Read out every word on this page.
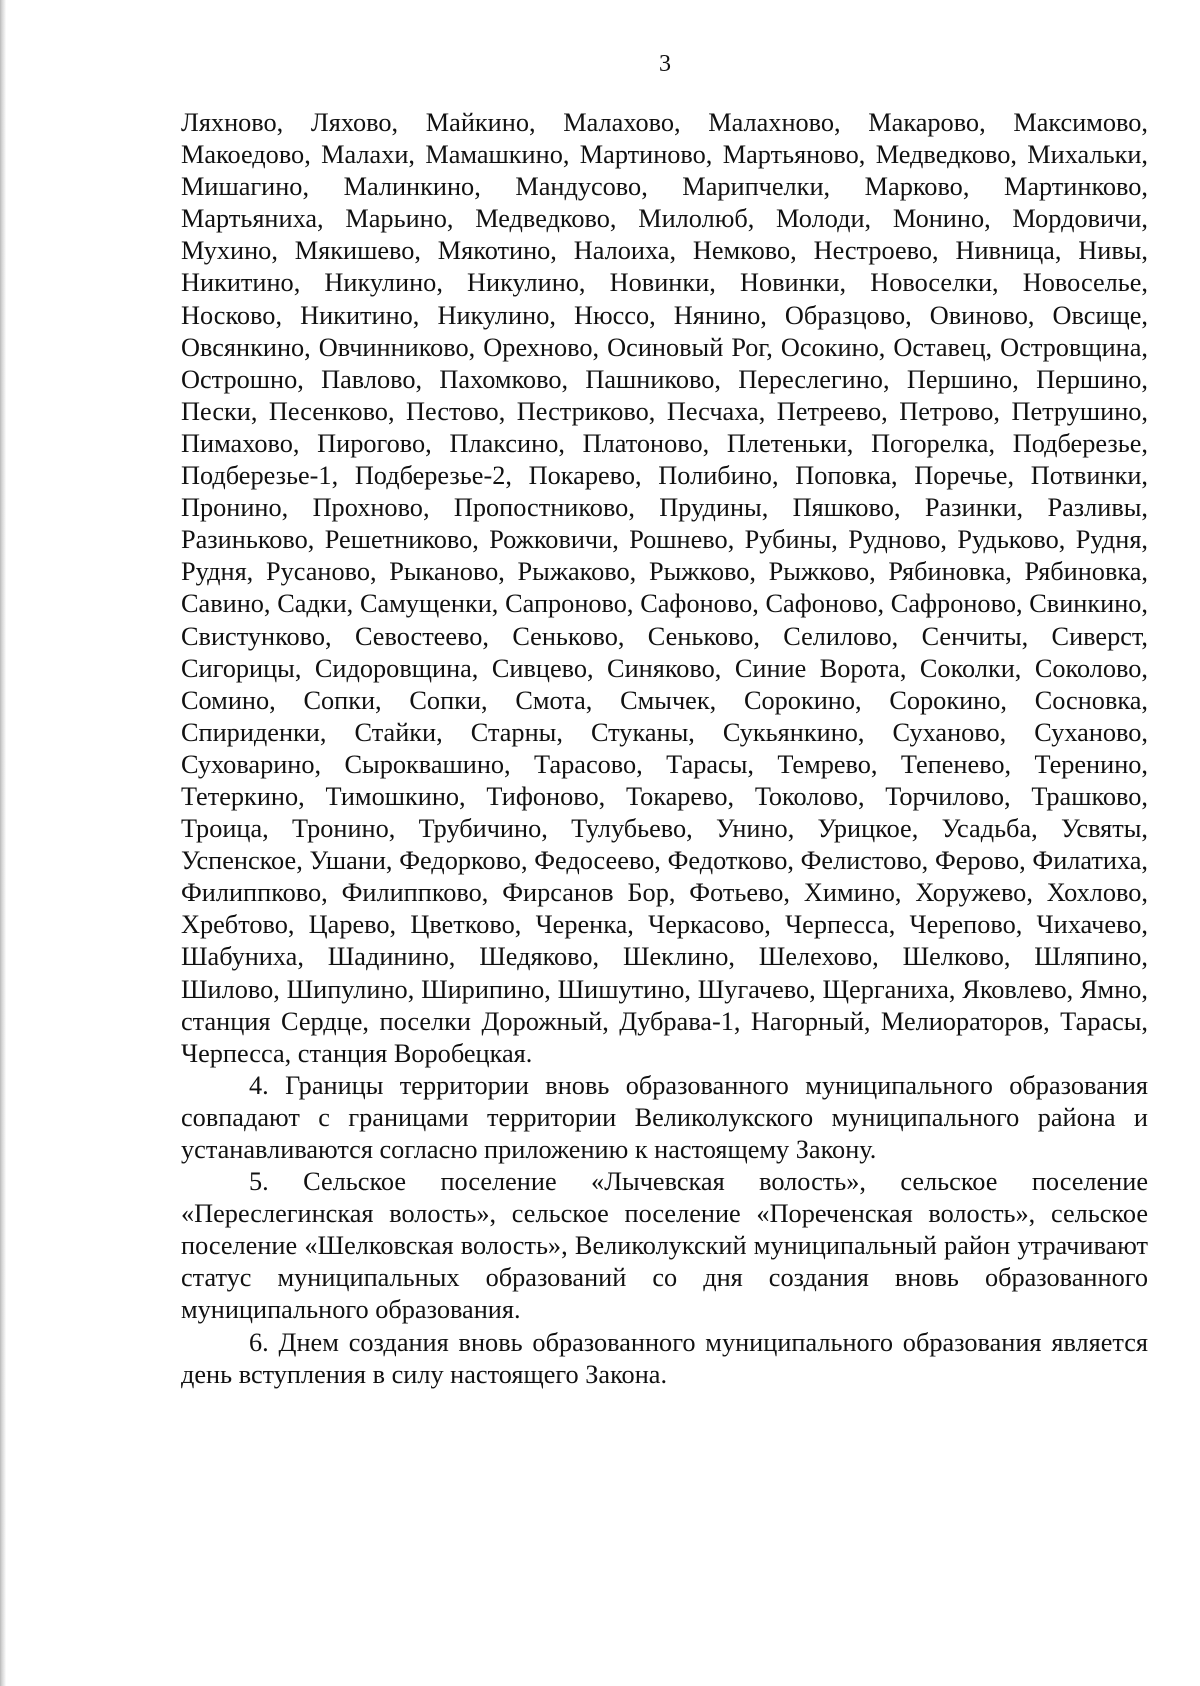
3

Ляхново, Ляхово, Майкино, Малахово, Малахново, Макарово, Максимово, Макоедово, Малахи, Мамашкино, Мартиново, Мартьяново, Медведково, Михальки, Мишагино, Малинкино, Мандусово, Марипчелки, Марково, Мартинково, Мартьяниха, Марьино, Медведково, Милолюб, Молоди, Монино, Мордовичи, Мухино, Мякишево, Мякотино, Налоиха, Немково, Нестроево, Нивница, Нивы, Никитино, Никулино, Никулино, Новинки, Новинки, Новоселки, Новоселье, Носково, Никитино, Никулино, Нюссо, Нянино, Образцово, Овиново, Овсище, Овсянкино, Овчинниково, Орехново, Осиновый Рог, Осокино, Оставец, Островщина, Острошно, Павлово, Пахомково, Пашниково, Переслегино, Першино, Першино, Пески, Песенково, Пестово, Пестриково, Песчаха, Петреево, Петрово, Петрушино, Пимахово, Пирогово, Плаксино, Платоново, Плетеньки, Погорелка, Подберезье, Подберезье-1, Подберезье-2, Покарево, Полибино, Поповка, Поречье, Потвинки, Пронино, Прохново, Пропостниково, Прудины, Пяшково, Разинки, Разливы, Разиньково, Решетниково, Рожковичи, Рошнево, Рубины, Руднoво, Рудьково, Рудня, Рудня, Русаново, Рыканово, Рыжаково, Рыжково, Рыжково, Рябиновка, Рябиновка, Савино, Садки, Самущенки, Сапроново, Сафоново, Сафоново, Сафроново, Свинкино, Свистунково, Севостеево, Сеньково, Сеньково, Селилово, Сенчиты, Сиверст, Сигорицы, Сидоровщина, Сивцево, Синяково, Синие Ворота, Соколки, Соколово, Сомино, Сопки, Сопки, Смота, Смычек, Сорокино, Сорокино, Сосновка, Спириденки, Стайки, Старны, Стуканы, Сукьянкино, Суханово, Суханово, Суховарино, Сыроквашино, Тарасово, Тарасы, Темрево, Тепенево, Теренино, Тетеркино, Тимошкино, Тифоново, Токарево, Токолово, Торчилово, Трашково, Троица, Тронино, Трубичино, Тулубьево, Унино, Урицкое, Усадьба, Усвяты, Успенское, Ушани, Федорково, Федосеево, Федотково, Фелистово, Ферово, Филатиха, Филиппково, Филиппково, Фирсанов Бор, Фотьево, Химино, Хоружево, Хохлово, Хребтово, Царево, Цветково, Черенка, Черкасово, Черпесса, Черепово, Чихачево, Шабуниха, Шадинино, Шедяково, Шеклино, Шелехово, Шелково, Шляпино, Шилово, Шипулино, Ширипино, Шишутино, Шугачево, Щерганиха, Яковлево, Ямно, станция Сердце, поселки Дорожный, Дубрава-1, Нагорный, Мелиораторов, Тарасы, Черпесса, станция Воробецкая.

4. Границы территории вновь образованного муниципального образования совпадают с границами территории Великолукского муниципального района и устанавливаются согласно приложению к настоящему Закону.

5. Сельское поселение «Лычевская волость», сельское поселение «Переслегинская волость», сельское поселение «Пореченская волость», сельское поселение «Шелковская волость», Великолукский муниципальный район утрачивают статус муниципальных образований со дня создания вновь образованного муниципального образования.

6. Днем создания вновь образованного муниципального образования является день вступления в силу настоящего Закона.
